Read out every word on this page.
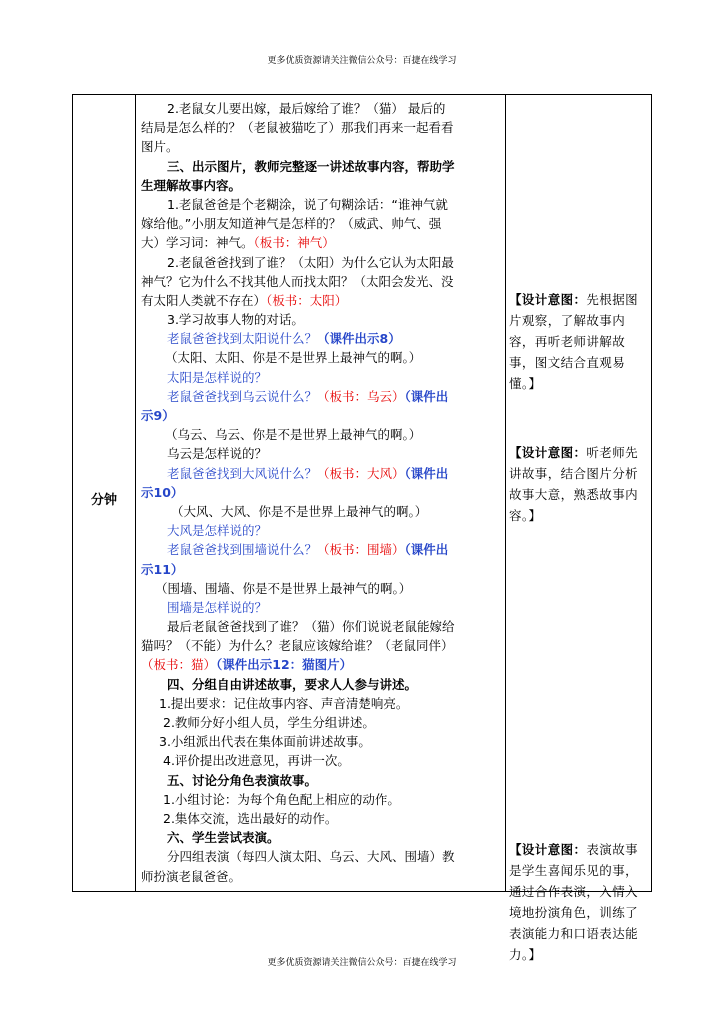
更多优质资源请关注微信公众号：百捷在线学习
分钟
2.老鼠女儿要出嫁，最后嫁给了谁？（猫） 最后的
结局是怎么样的？（老鼠被猫吃了）那我们再来一起看看
图片。
三、出示图片，教师完整逐一讲述故事内容，帮助学
生理解故事内容。
1.老鼠爸爸是个老糊涂，说了句糊涂话：“谁神气就
嫁给他。”小朋友知道神气是怎样的？（威武、帅气、强
大）学习词：神气。（板书：神气）
2.老鼠爸爸找到了谁？（太阳）为什么它认为太阳最
神气？它为什么不找其他人而找太阳？（太阳会发光、没
有太阳人类就不存在）（板书：太阳）
3.学习故事人物的对话。
老鼠爸爸找到太阳说什么？（课件出示8）
（太阳、太阳、你是不是世界上最神气的啊。）
太阳是怎样说的？
老鼠爸爸找到乌云说什么？（板书：乌云）（课件出
示9）
（乌云、乌云、你是不是世界上最神气的啊。）
乌云是怎样说的？
老鼠爸爸找到大风说什么？（板书：大风）（课件出
示10）
（大风、大风、你是不是世界上最神气的啊。）
大风是怎样说的？
老鼠爸爸找到围墙说什么？（板书：围墙）（课件出
示11）
（围墙、围墙、你是不是世界上最神气的啊。）
围墙是怎样说的？
最后老鼠爸爸找到了谁？（猫）你们说说老鼠能嫁给
猫吗？（不能）为什么？老鼠应该嫁给谁？（老鼠同伴）
（板书：猫）（课件出示12：猫图片）
四、分组自由讲述故事，要求人人参与讲述。
1.提出要求：记住故事内容、声音清楚响亮。
2.教师分好小组人员，学生分组讲述。
3.小组派出代表在集体面前讲述故事。
4.评价提出改进意见，再讲一次。
五、讨论分角色表演故事。
1.小组讨论：为每个角色配上相应的动作。
2.集体交流，选出最好的动作。
六、学生尝试表演。
分四组表演（每四人演太阳、乌云、大风、围墙）教
师扮演老鼠爸爸。
【设计意图：先根据图
片观察，了解故事内
容，再听老师讲解故
事，图文结合直观易
懂。】
【设计意图：听老师先
讲故事，结合图片分析
故事大意，熟悉故事内
容。】
【设计意图：表演故事
是学生喜闻乐见的事，
通过合作表演，入情入
境地扮演角色，训练了
表演能力和口语表达能
力。】
更多优质资源请关注微信公众号：百捷在线学习
